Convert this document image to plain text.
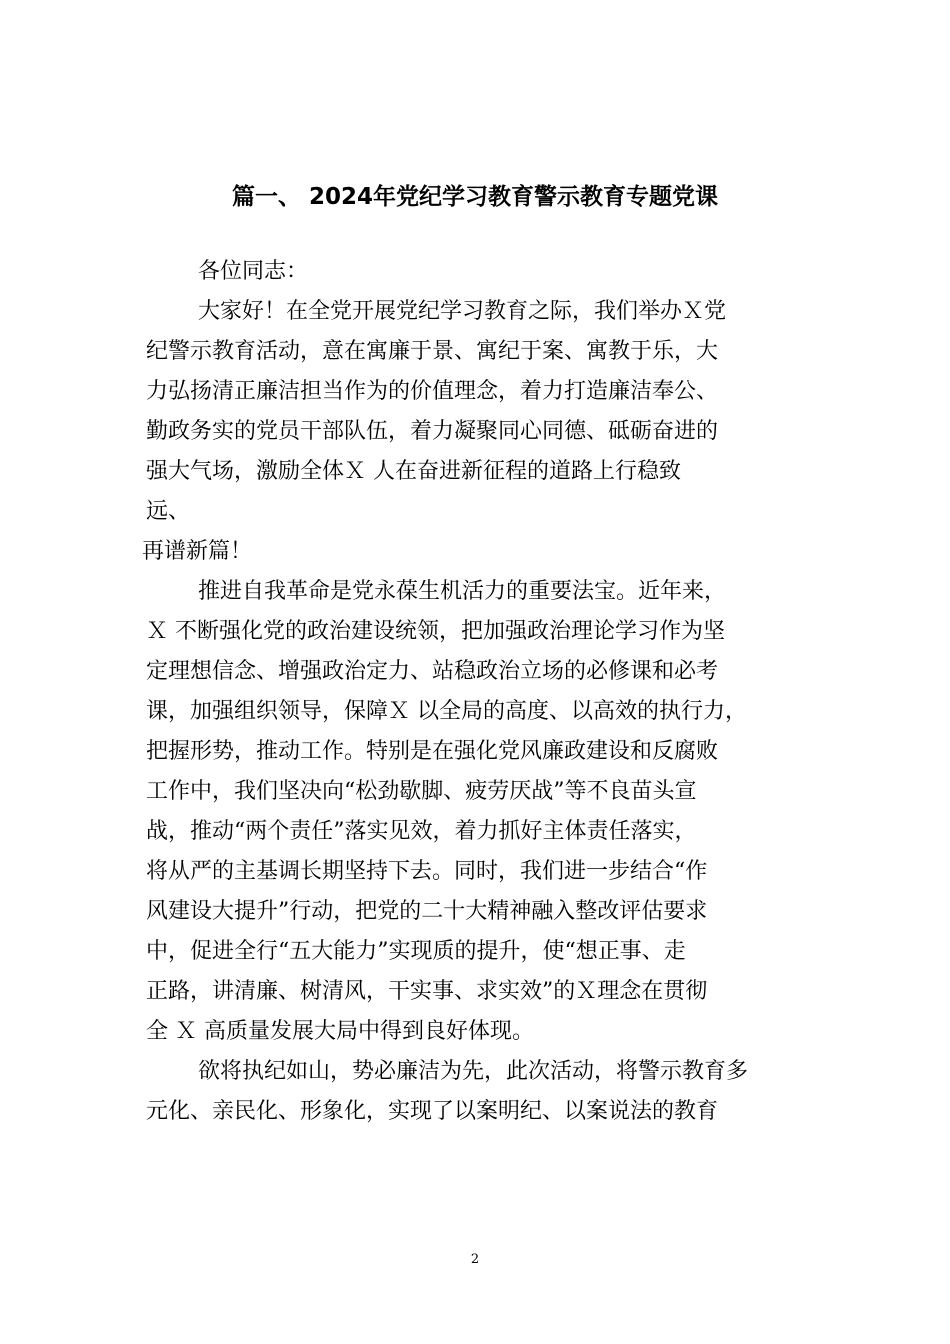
篇一、 2024年党纪学习教育警示教育专题党课
各位同志：
大家好！在全党开展党纪学习教育之际，我们举办Ｘ党
纪警示教育活动，意在寓廉于景、寓纪于案、寓教于乐，大
力弘扬清正廉洁担当作为的价值理念，着力打造廉洁奉公、
勤政务实的党员干部队伍，着力凝聚同心同德、砥砺奋进的
强大气场，激励全体Ｘ 人在奋进新征程的道路上行稳致
远、
再谱新篇！
推进自我革命是党永葆生机活力的重要法宝。近年来，
Ｘ 不断强化党的政治建设统领，把加强政治理论学习作为坚
定理想信念、增强政治定力、站稳政治立场的必修课和必考
课，加强组织领导，保障Ｘ 以全局的高度、以高效的执行力，
把握形势，推动工作。特别是在强化党风廉政建设和反腐败
工作中，我们坚决向“松劲歇脚、疲劳厌战”等不良苗头宣
战，推动“两个责任”落实见效，着力抓好主体责任落实，
将从严的主基调长期坚持下去。同时，我们进一步结合“作
风建设大提升”行动，把党的二十大精神融入整改评估要求
中，促进全行“五大能力”实现质的提升，使“想正事、走
正路，讲清廉、树清风，干实事、求实效”的Ｘ理念在贯彻
全 Ｘ 高质量发展大局中得到良好体现。
欲将执纪如山，势必廉洁为先，此次活动，将警示教育多
元化、亲民化、形象化，实现了以案明纪、以案说法的教育
2
